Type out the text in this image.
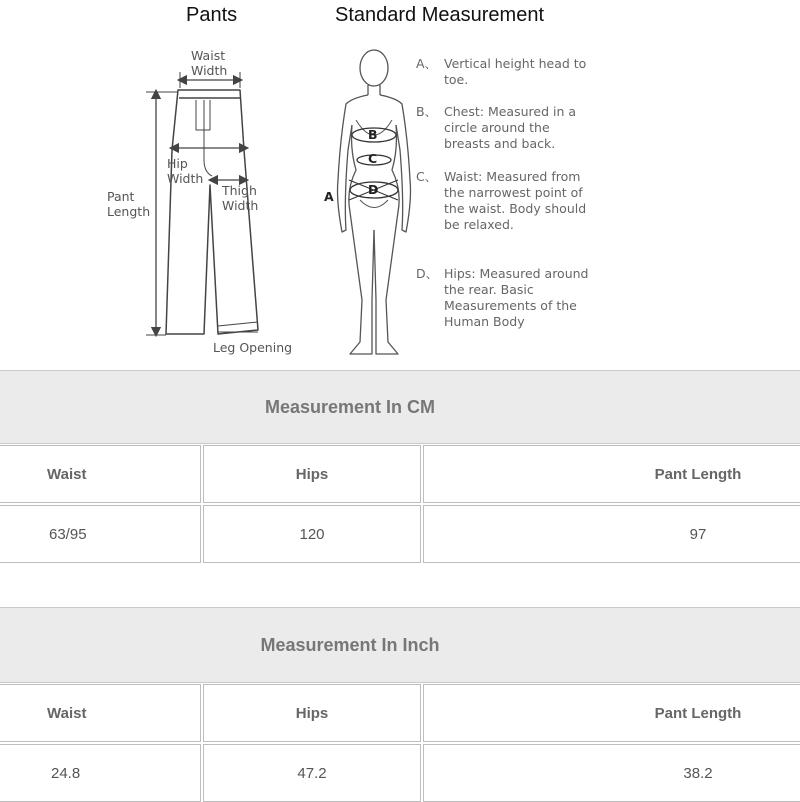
Pants	Standard Measurement
Waist
Width
Hip
Width
Thigh
Width
Pant
Length
Leg Opening
B
C
D
A
A、 Vertical height head to toe.
B、 Chest: Measured in a circle around the breasts and back.
C、 Waist: Measured from the narrowest point of the waist. Body should be relaxed.
D、 Hips: Measured around the rear. Basic Measurements of the Human Body
Measurement In CM
Waist	Hips	Pant Length
63/95	120	97
Measurement In Inch
Waist	Hips	Pant Length
24.8	47.2	38.2
